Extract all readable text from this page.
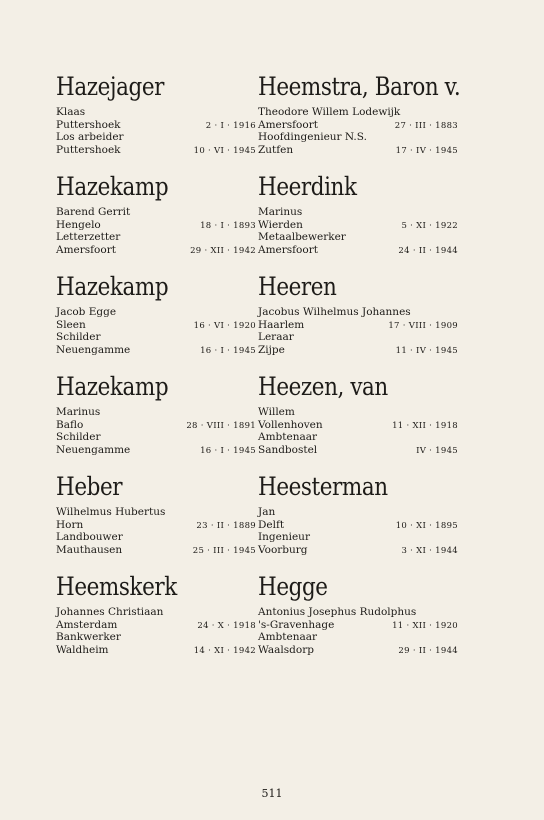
Hazejager
Klaas
Puttershoek	2 · I · 1916
Los arbeider
Puttershoek	10 · VI · 1945
Hazekamp
Barend Gerrit
Hengelo	18 · I · 1893
Letterzetter
Amersfoort	29 · XII · 1942
Hazekamp
Jacob Egge
Sleen	16 · VI · 1920
Schilder
Neuengamme	16 · I · 1945
Hazekamp
Marinus
Baflo	28 · VIII · 1891
Schilder
Neuengamme	16 · I · 1945
Heber
Wilhelmus Hubertus
Horn	23 · II · 1889
Landbouwer
Mauthausen	25 · III · 1945
Heemskerk
Johannes Christiaan
Amsterdam	24 · X · 1918
Bankwerker
Waldheim	14 · XI · 1942
Heemstra, Baron v.
Theodore Willem Lodewijk
Amersfoort	27 · III · 1883
Hoofdingenieur N.S.
Zutfen	17 · IV · 1945
Heerdink
Marinus
Wierden	5 · XI · 1922
Metaalbewerker
Amersfoort	24 · II · 1944
Heeren
Jacobus Wilhelmus Johannes
Haarlem	17 · VIII · 1909
Leraar
Zijpe	11 · IV · 1945
Heezen, van
Willem
Vollenhoven	11 · XII · 1918
Ambtenaar
Sandbostel	IV · 1945
Heesterman
Jan
Delft	10 · XI · 1895
Ingenieur
Voorburg	3 · XI · 1944
Hegge
Antonius Josephus Rudolphus
's-Gravenhage	11 · XII · 1920
Ambtenaar
Waalsdorp	29 · II · 1944
511
